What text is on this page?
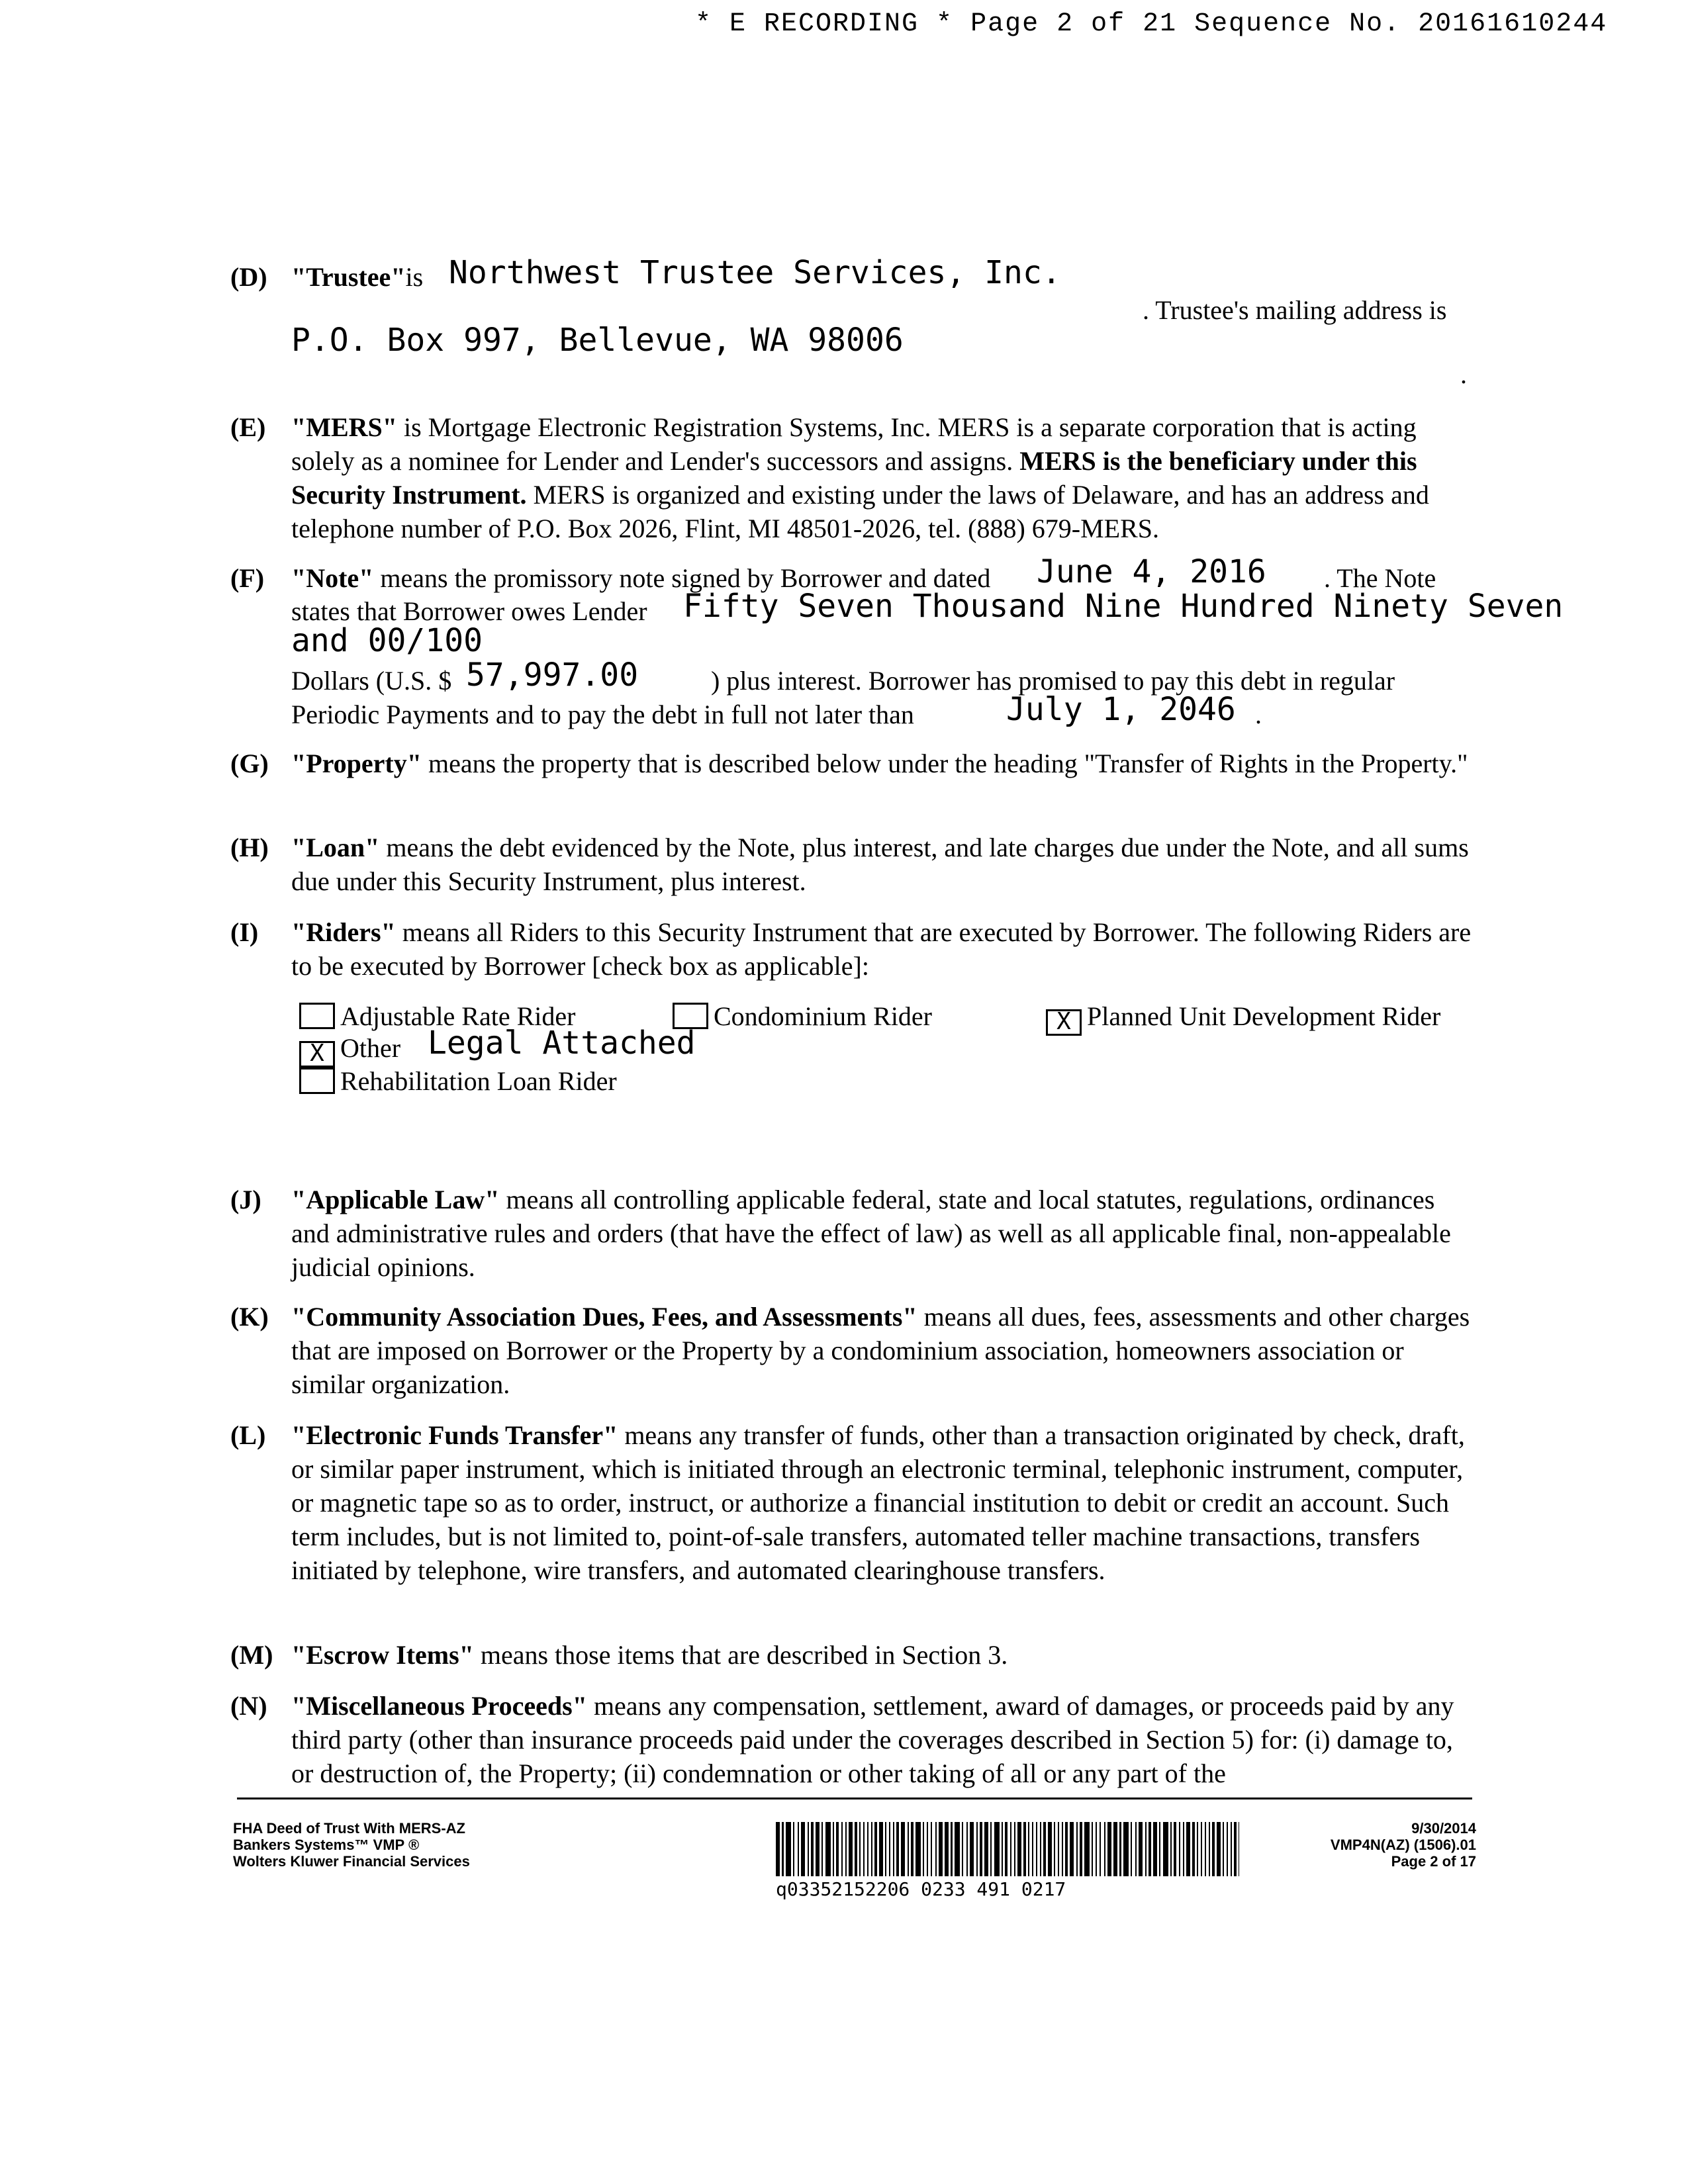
* E RECORDING * Page 2 of 21 Sequence No. 20161610244
(D) "Trustee"is Northwest Trustee Services, Inc.
. Trustee's mailing address is
P.O. Box 997, Bellevue, WA 98006
.
(E) "MERS" is Mortgage Electronic Registration Systems, Inc. MERS is a separate corporation that is acting solely as a nominee for Lender and Lender's successors and assigns. MERS is the beneficiary under this Security Instrument. MERS is organized and existing under the laws of Delaware, and has an address and telephone number of P.O. Box 2026, Flint, MI 48501-2026, tel. (888) 679-MERS.
(F) "Note" means the promissory note signed by Borrower and dated June 4, 2016 . The Note
states that Borrower owes Lender Fifty Seven Thousand Nine Hundred Ninety Seven
and 00/100
Dollars (U.S. $ 57,997.00	) plus interest. Borrower has promised to pay this debt in regular
Periodic Payments and to pay the debt in full not later than	July 1, 2046 .
(G) "Property" means the property that is described below under the heading "Transfer of Rights in the Property."
(H) "Loan" means the debt evidenced by the Note, plus interest, and late charges due under the Note, and all sums due under this Security Instrument, plus interest.
(I) "Riders" means all Riders to this Security Instrument that are executed by Borrower. The following Riders are to be executed by Borrower [check box as applicable]:
Adjustable Rate Rider	Condominium Rider	X Planned Unit Development Rider
X Other Legal Attached
Rehabilitation Loan Rider
(J) "Applicable Law" means all controlling applicable federal, state and local statutes, regulations, ordinances and administrative rules and orders (that have the effect of law) as well as all applicable final, non-appealable judicial opinions.
(K) "Community Association Dues, Fees, and Assessments" means all dues, fees, assessments and other charges that are imposed on Borrower or the Property by a condominium association, homeowners association or similar organization.
(L) "Electronic Funds Transfer" means any transfer of funds, other than a transaction originated by check, draft, or similar paper instrument, which is initiated through an electronic terminal, telephonic instrument, computer, or magnetic tape so as to order, instruct, or authorize a financial institution to debit or credit an account. Such term includes, but is not limited to, point-of-sale transfers, automated teller machine transactions, transfers initiated by telephone, wire transfers, and automated clearinghouse transfers.
(M) "Escrow Items" means those items that are described in Section 3.
(N) "Miscellaneous Proceeds" means any compensation, settlement, award of damages, or proceeds paid by any third party (other than insurance proceeds paid under the coverages described in Section 5) for: (i) damage to, or destruction of, the Property; (ii) condemnation or other taking of all or any part of the
FHA Deed of Trust With MERS-AZ
Bankers Systems™ VMP ®
Wolters Kluwer Financial Services
q03352152206 0233 491 0217
9/30/2014
VMP4N(AZ) (1506).01
Page 2 of 17
